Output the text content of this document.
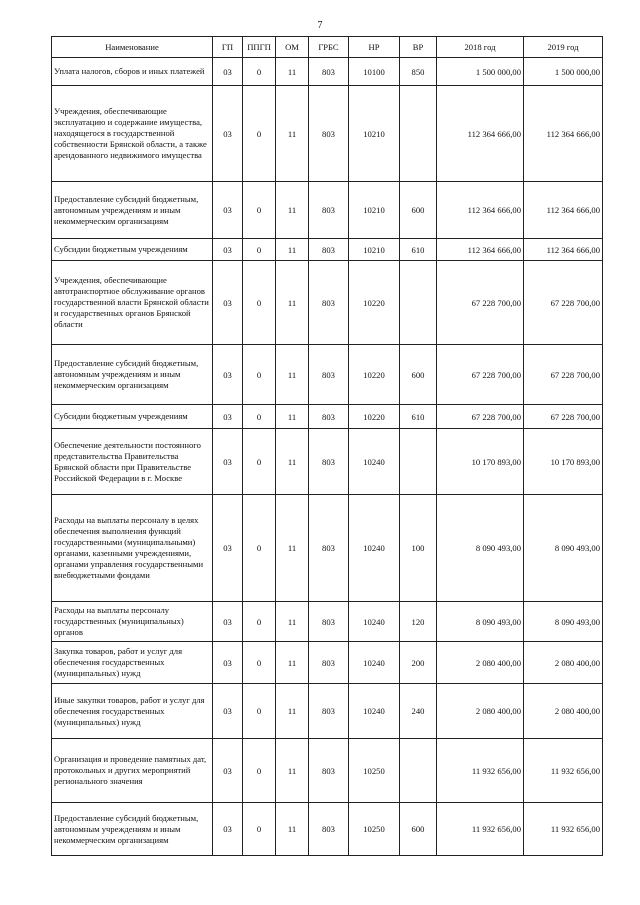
7
Наименование	ГП	ППГП	ОМ	ГРБС	НР	ВР	2018 год	2019 год
Уплата налогов, сборов и иных платежей	03	0	11	803	10100	850	1 500 000,00	1 500 000,00
Учреждения, обеспечивающие эксплуатацию и содержание имущества, находящегося в государственной собственности Брянской области, а также арендованного недвижимого имущества	03	0	11	803	10210		112 364 666,00	112 364 666,00
Предоставление субсидий бюджетным, автономным учреждениям и иным некоммерческим организациям	03	0	11	803	10210	600	112 364 666,00	112 364 666,00
Субсидии бюджетным учреждениям	03	0	11	803	10210	610	112 364 666,00	112 364 666,00
Учреждения, обеспечивающие автотранспортное обслуживание органов государственной власти Брянской области и государственных органов Брянской области	03	0	11	803	10220		67 228 700,00	67 228 700,00
Предоставление субсидий бюджетным, автономным учреждениям и иным некоммерческим организациям	03	0	11	803	10220	600	67 228 700,00	67 228 700,00
Субсидии бюджетным учреждениям	03	0	11	803	10220	610	67 228 700,00	67 228 700,00
Обеспечение деятельности постоянного представительства Правительства Брянской области при Правительстве Российской Федерации в г. Москве	03	0	11	803	10240		10 170 893,00	10 170 893,00
Расходы на выплаты персоналу в целях обеспечения выполнения функций государственными (муниципальными) органами, казенными учреждениями, органами управления государственными внебюджетными фондами	03	0	11	803	10240	100	8 090 493,00	8 090 493,00
Расходы на выплаты персоналу государственных (муниципальных) органов	03	0	11	803	10240	120	8 090 493,00	8 090 493,00
Закупка товаров, работ и услуг для обеспечения государственных (муниципальных) нужд	03	0	11	803	10240	200	2 080 400,00	2 080 400,00
Иные закупки товаров, работ и услуг для обеспечения государственных (муниципальных) нужд	03	0	11	803	10240	240	2 080 400,00	2 080 400,00
Организация и проведение памятных дат, протокольных и других мероприятий регионального значения	03	0	11	803	10250		11 932 656,00	11 932 656,00
Предоставление субсидий бюджетным, автономным учреждениям и иным некоммерческим организациям	03	0	11	803	10250	600	11 932 656,00	11 932 656,00
